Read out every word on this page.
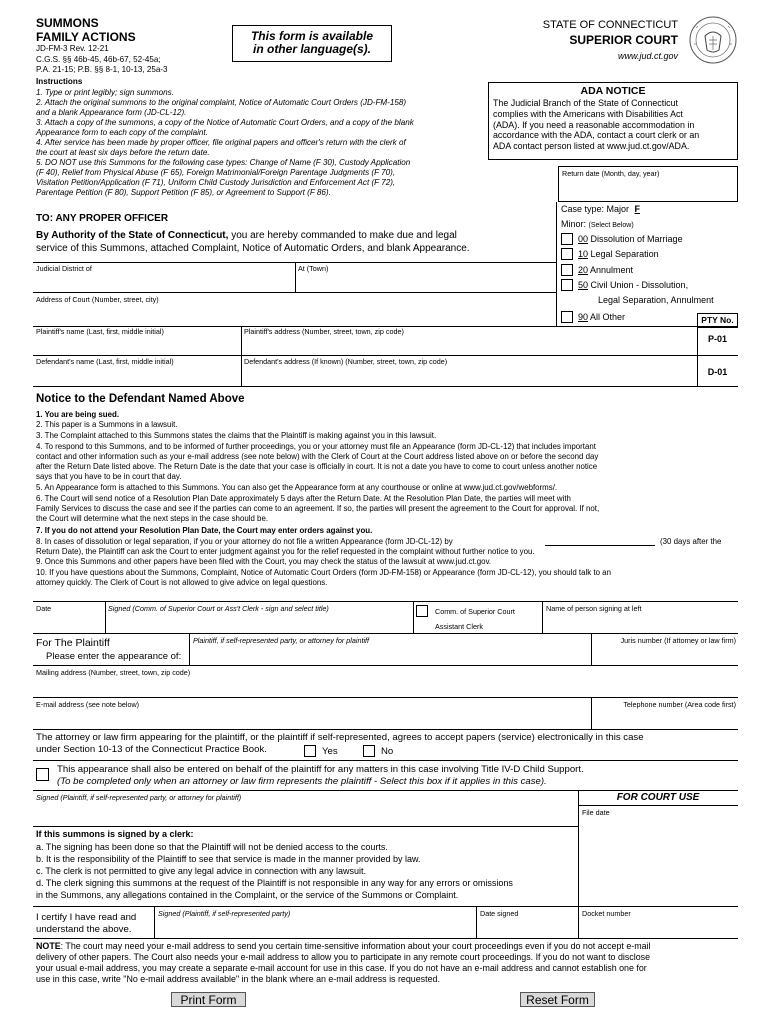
SUMMONS
FAMILY ACTIONS
JD-FM-3 Rev. 12-21
C.G.S. §§ 46b-45, 46b-67, 52-45a;
P.A. 21-15; P.B. §§ 8-1, 10-13, 25a-3
This form is available
in other language(s).
STATE OF CONNECTICUT
SUPERIOR COURT
www.jud.ct.gov
Instructions
1. Type or print legibly; sign summons.
2. Attach the original summons to the original complaint, Notice of Automatic Court Orders (JD-FM-158)
and a blank Appearance form (JD-CL-12).
3. Attach a copy of the summons, a copy of the Notice of Automatic Court Orders, and a copy of the blank
Appearance form to each copy of the complaint.
4. After service has been made by proper officer, file original papers and officer's return with the clerk of
the court at least six days before the return date.
5. DO NOT use this Summons for the following case types: Change of Name (F 30), Custody Application
(F 40), Relief from Physical Abuse (F 65), Foreign Matrimonial/Foreign Parentage Judgments (F 70),
Visitation Petition/Application (F 71), Uniform Child Custody Jurisdiction and Enforcement Act (F 72),
Parentage Petition (F 80), Support Petition (F 85), or Agreement to Support (F 86).
ADA NOTICE
The Judicial Branch of the State of Connecticut
complies with the Americans with Disabilities Act
(ADA). If you need a reasonable accommodation in
accordance with the ADA, contact a court clerk or an
ADA contact person listed at www.jud.ct.gov/ADA.
Return date (Month, day, year)
Case type: Major F
Minor: (Select Below)
00 Dissolution of Marriage
10 Legal Separation
20 Annulment
50 Civil Union - Dissolution,
Legal Separation, Annulment
90 All Other
TO: ANY PROPER OFFICER
By Authority of the State of Connecticut, you are hereby commanded to make due and legal
service of this Summons, attached Complaint, Notice of Automatic Orders, and blank Appearance.
Judicial District of	At (Town)
Address of Court (Number, street, city)
Plaintiff's name (Last, first, middle initial)	Plaintiff's address (Number, street, town, zip code)
PTY No.
P-01
Defendant's name (Last, first, middle initial)	Defendant's address (If known) (Number, street, town, zip code)
D-01
Notice to the Defendant Named Above
1. You are being sued.
2. This paper is a Summons in a lawsuit.
3. The Complaint attached to this Summons states the claims that the Plaintiff is making against you in this lawsuit.
4. To respond to this Summons, and to be informed of further proceedings, you or your attorney must file an Appearance (form JD-CL-12) that includes important
contact and other information such as your e-mail address (see note below) with the Clerk of Court at the Court address listed above on or before the second day
after the Return Date listed above. The Return Date is the date that your case is officially in court. It is not a date you have to come to court unless another notice
says that you have to be in court that day.
5. An Appearance form is attached to this Summons. You can also get the Appearance form at any courthouse or online at www.jud.ct.gov/webforms/.
6. The Court will send notice of a Resolution Plan Date approximately 5 days after the Return Date. At the Resolution Plan Date, the parties will meet with
Family Services to discuss the case and see if the parties can come to an agreement. If so, the parties will present the agreement to the Court for approval. If not,
the Court will determine what the next steps in the case should be.
7. If you do not attend your Resolution Plan Date, the Court may enter orders against you.
8. In cases of dissolution or legal separation, if you or your attorney do not file a written Appearance (form JD-CL-12) by	(30 days after the
Return Date), the Plaintiff can ask the Court to enter judgment against you for the relief requested in the complaint without further notice to you.
9. Once this Summons and other papers have been filed with the Court, you may check the status of the lawsuit at www.jud.ct.gov.
10. If you have questions about the Summons, Complaint, Notice of Automatic Court Orders (form JD-FM-158) or Appearance (form JD-CL-12), you should talk to an
attorney quickly. The Clerk of Court is not allowed to give advice on legal questions.
Date	Signed (Comm. of Superior Court or Ass't Clerk - sign and select title)	Comm. of Superior Court
Assistant Clerk
Name of person signing at left
For The Plaintiff
Please enter the appearance of:
Plaintiff, if self-represented party, or attorney for plaintiff	Juris number (If attorney or law firm)
Mailing address (Number, street, town, zip code)
E-mail address (see note below)	Telephone number (Area code first)
The attorney or law firm appearing for the plaintiff, or the plaintiff if self-represented, agrees to accept papers (service) electronically in this case
under Section 10-13 of the Connecticut Practice Book.	Yes	No
This appearance shall also be entered on behalf of the plaintiff for any matters in this case involving Title IV-D Child Support.
(To be completed only when an attorney or law firm represents the plaintiff - Select this box if it applies in this case).
Signed (Plaintiff, if self-represented party, or attorney for plaintiff)	FOR COURT USE
File date
If this summons is signed by a clerk:
a. The signing has been done so that the Plaintiff will not be denied access to the courts.
b. It is the responsibility of the Plaintiff to see that service is made in the manner provided by law.
c. The clerk is not permitted to give any legal advice in connection with any lawsuit.
d. The clerk signing this summons at the request of the Plaintiff is not responsible in any way for any errors or omissions
in the Summons, any allegations contained in the Complaint, or the service of the Summons or Complaint.
I certify I have read and
understand the above.
Signed (Plaintiff, if self-represented party)	Date signed	Docket number
NOTE: The court may need your e-mail address to send you certain time-sensitive information about your court proceedings even if you do not accept e-mail
delivery of other papers. The Court also needs your e-mail address to allow you to participate in any remote court proceedings. If you do not want to disclose
your usual e-mail address, you may create a separate e-mail account for use in this case. If you do not have an e-mail address and cannot establish one for
use in this case, write "No e-mail address available" in the blank where an e-mail address is requested.
Print Form	Reset Form
